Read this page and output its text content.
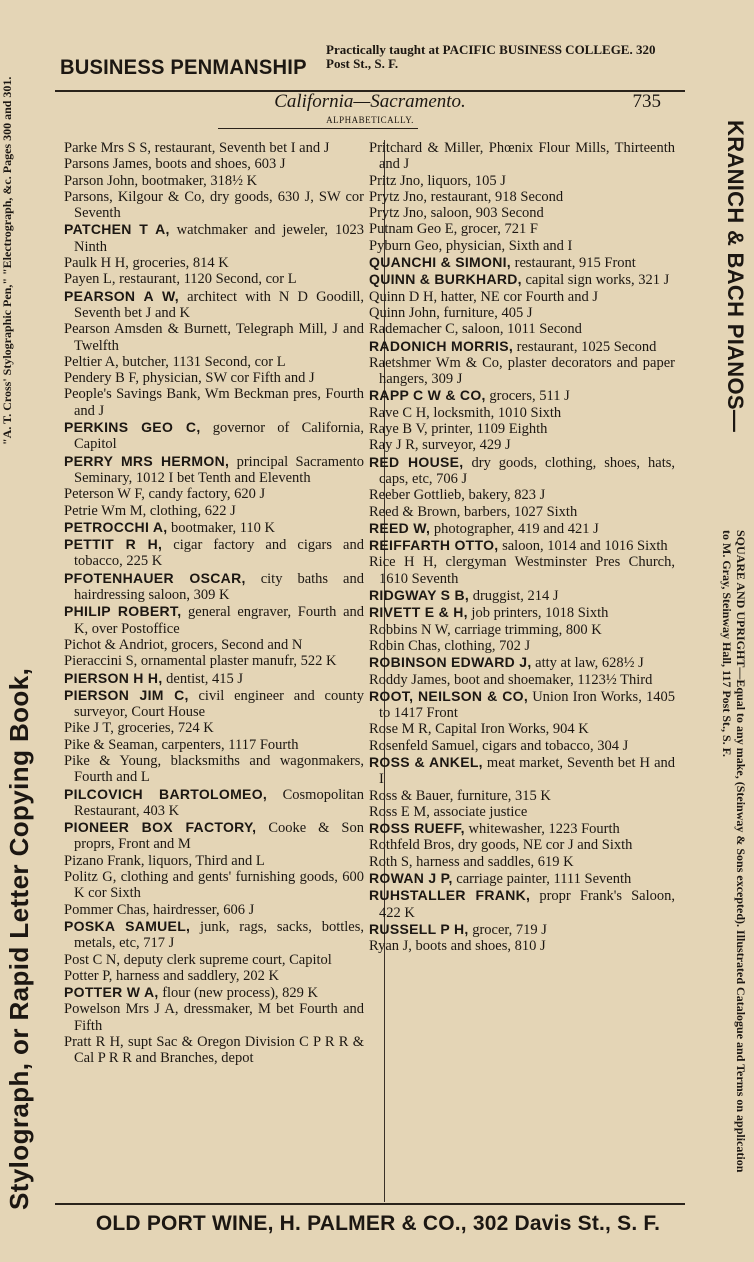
BUSINESS PENMANSHIP
Practically taught at PACIFIC BUSINESS COLLEGE. 320 Post St., S. F.
California—Sacramento.	735
ALPHABETICALLY.
Parke Mrs S S, restaurant, Seventh bet I and J
Parsons James, boots and shoes, 603 J
Parson John, bootmaker, 318½ K
Parsons, Kilgour & Co, dry goods, 630 J, SW cor Seventh
PATCHEN T A, watchmaker and jeweler, 1023 Ninth
Paulk H H, groceries, 814 K
Payen L, restaurant, 1120 Second, cor L
PEARSON A W, architect with N D Goodill, Seventh bet J and K
Pearson Amsden & Burnett, Telegraph Mill, J and Twelfth
Peltier A, butcher, 1131 Second, cor L
Pendery B F, physician, SW cor Fifth and J
People's Savings Bank, Wm Beckman pres, Fourth and J
PERKINS GEO C, governor of California, Capitol
PERRY MRS HERMON, principal Sacramento Seminary, 1012 I bet Tenth and Eleventh
Peterson W F, candy factory, 620 J
Petrie Wm M, clothing, 622 J
PETROCCHI A, bootmaker, 110 K
PETTIT R H, cigar factory and cigars and tobacco, 225 K
PFOTENHAUER OSCAR, city baths and hairdressing saloon, 309 K
PHILIP ROBERT, general engraver, Fourth and K, over Postoffice
Pichot & Andriot, grocers, Second and N
Pieraccini S, ornamental plaster manufr, 522 K
PIERSON H H, dentist, 415 J
PIERSON JIM C, civil engineer and county surveyor, Court House
Pike J T, groceries, 724 K
Pike & Seaman, carpenters, 1117 Fourth
Pike & Young, blacksmiths and wagonmakers, Fourth and L
PILCOVICH BARTOLOMEO, Cosmopolitan Restaurant, 403 K
PIONEER BOX FACTORY, Cooke & Son proprs, Front and M
Pizano Frank, liquors, Third and L
Politz G, clothing and gents' furnishing goods, 600 K cor Sixth
Pommer Chas, hairdresser, 606 J
POSKA SAMUEL, junk, rags, sacks, bottles, metals, etc, 717 J
Post C N, deputy clerk supreme court, Capitol
Potter P, harness and saddlery, 202 K
POTTER W A, flour (new process), 829 K
Powelson Mrs J A, dressmaker, M bet Fourth and Fifth
Pratt R H, supt Sac & Oregon Division C P R R & Cal P R R and Branches, depot
Pritchard & Miller, Phœnix Flour Mills, Thirteenth and J
Pritz Jno, liquors, 105 J
Prytz Jno, restaurant, 918 Second
Prytz Jno, saloon, 903 Second
Putnam Geo E, grocer, 721 F
Pyburn Geo, physician, Sixth and I
QUANCHI & SIMONI, restaurant, 915 Front
QUINN & BURKHARD, capital sign works, 321 J
Quinn D H, hatter, NE cor Fourth and J
Quinn John, furniture, 405 J
Rademacher C, saloon, 1011 Second
RADONICH MORRIS, restaurant, 1025 Second
Raetshmer Wm & Co, plaster decorators and paper hangers, 309 J
RAPP C W & CO, grocers, 511 J
Rave C H, locksmith, 1010 Sixth
Raye B V, printer, 1109 Eighth
Ray J R, surveyor, 429 J
RED HOUSE, dry goods, clothing, shoes, hats, caps, etc, 706 J
Reeber Gottlieb, bakery, 823 J
Reed & Brown, barbers, 1027 Sixth
REED W, photographer, 419 and 421 J
REIFFARTH OTTO, saloon, 1014 and 1016 Sixth
Rice H H, clergyman Westminster Pres Church, 1610 Seventh
RIDGWAY S B, druggist, 214 J
RIVETT E & H, job printers, 1018 Sixth
Robbins N W, carriage trimming, 800 K
Robin Chas, clothing, 702 J
ROBINSON EDWARD J, atty at law, 628½ J
Roddy James, boot and shoemaker, 1123½ Third
ROOT, NEILSON & CO, Union Iron Works, 1405 to 1417 Front
Rose M R, Capital Iron Works, 904 K
Rosenfeld Samuel, cigars and tobacco, 304 J
ROSS & ANKEL, meat market, Seventh bet H and I
Ross & Bauer, furniture, 315 K
Ross E M, associate justice
ROSS RUEFF, whitewasher, 1223 Fourth
Rothfeld Bros, dry goods, NE cor J and Sixth
Roth S, harness and saddles, 619 K
ROWAN J P, carriage painter, 1111 Seventh
RUHSTALLER FRANK, propr Frank's Saloon, 422 K
RUSSELL P H, grocer, 719 J
Ryan J, boots and shoes, 810 J
Stylograph, or Rapid Letter Copying Book,
"A. T. Cross' Stylographic Pen," "Electrograph, &c. Pages 300 and 301.	KRANICH & BACH PIANOS—
SQUARE AND UPRIGHT—Equal to any make, (Steinway & Sons excepted). Illustrated Catalogue and Terms on application to M. Gray, Steinway Hall, 117 Post St., S. F.
OLD PORT WINE, H. PALMER & CO., 302 Davis St., S. F.
